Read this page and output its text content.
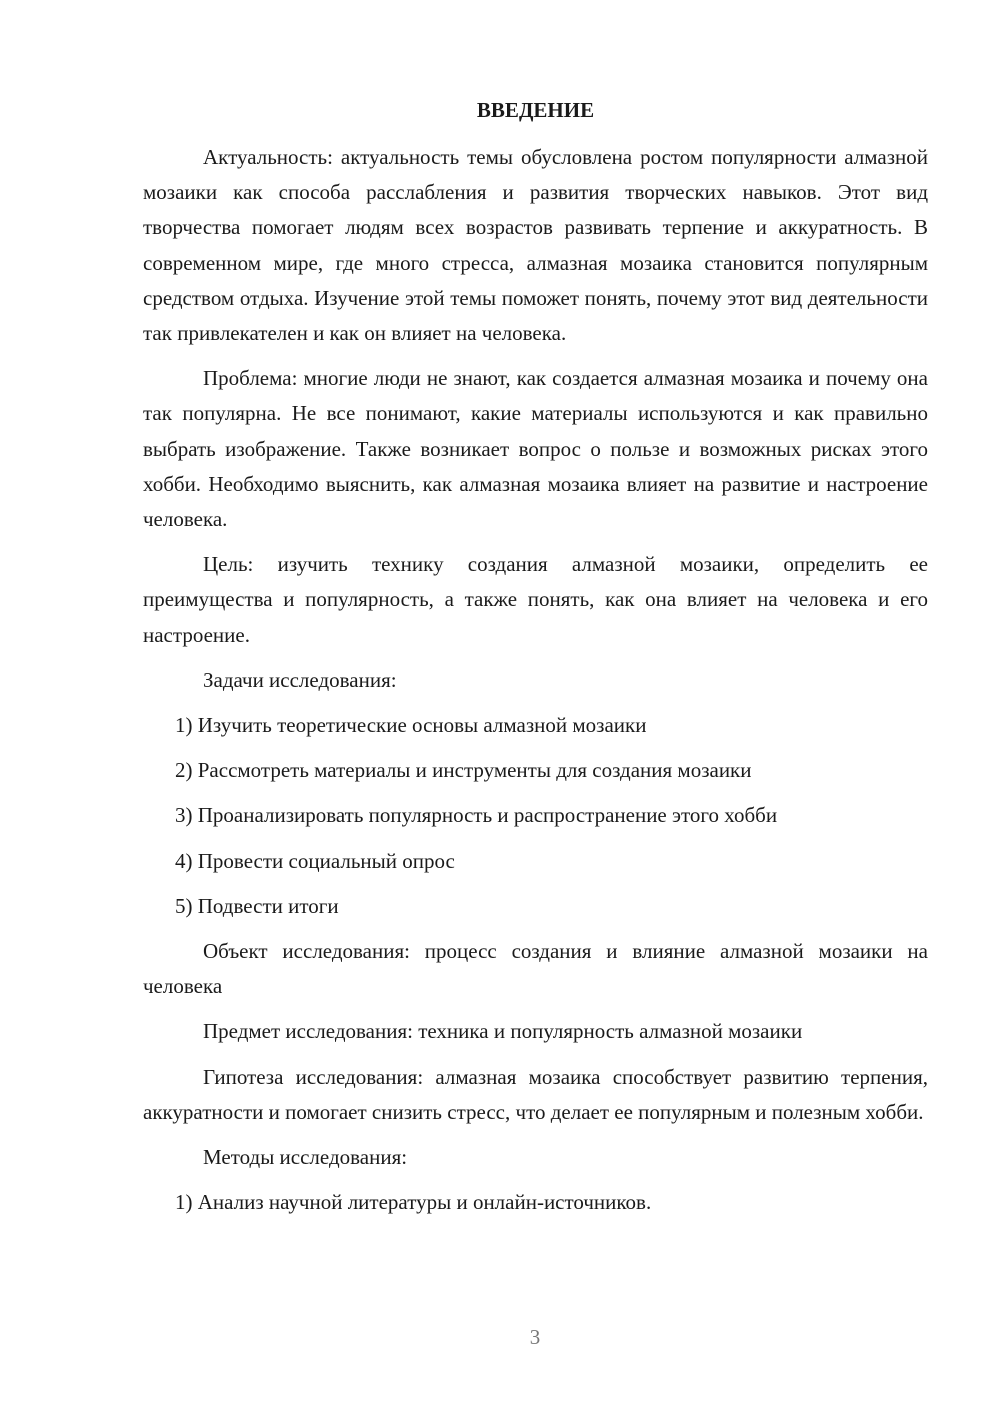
ВВЕДЕНИЕ

Актуальность: актуальность темы обусловлена ростом популярности алмазной мозаики как способа расслабления и развития творческих навыков. Этот вид творчества помогает людям всех возрастов развивать терпение и аккуратность. В современном мире, где много стресса, алмазная мозаика становится популярным средством отдыха. Изучение этой темы поможет понять, почему этот вид деятельности так привлекателен и как он влияет на человека.

Проблема: многие люди не знают, как создается алмазная мозаика и почему она так популярна. Не все понимают, какие материалы используются и как правильно выбрать изображение. Также возникает вопрос о пользе и возможных рисках этого хобби. Необходимо выяснить, как алмазная мозаика влияет на развитие и настроение человека.

Цель: изучить технику создания алмазной мозаики, определить ее преимущества и популярность, а также понять, как она влияет на человека и его настроение.

Задачи исследования:

1) Изучить теоретические основы алмазной мозаики
2) Рассмотреть материалы и инструменты для создания мозаики
3) Проанализировать популярность и распространение этого хобби
4) Провести социальный опрос
5) Подвести итоги

Объект исследования: процесс создания и влияние алмазной мозаики на человека

Предмет исследования: техника и популярность алмазной мозаики

Гипотеза исследования: алмазная мозаика способствует развитию терпения, аккуратности и помогает снизить стресс, что делает ее популярным и полезным хобби.

Методы исследования:

1) Анализ научной литературы и онлайн-источников.
3
